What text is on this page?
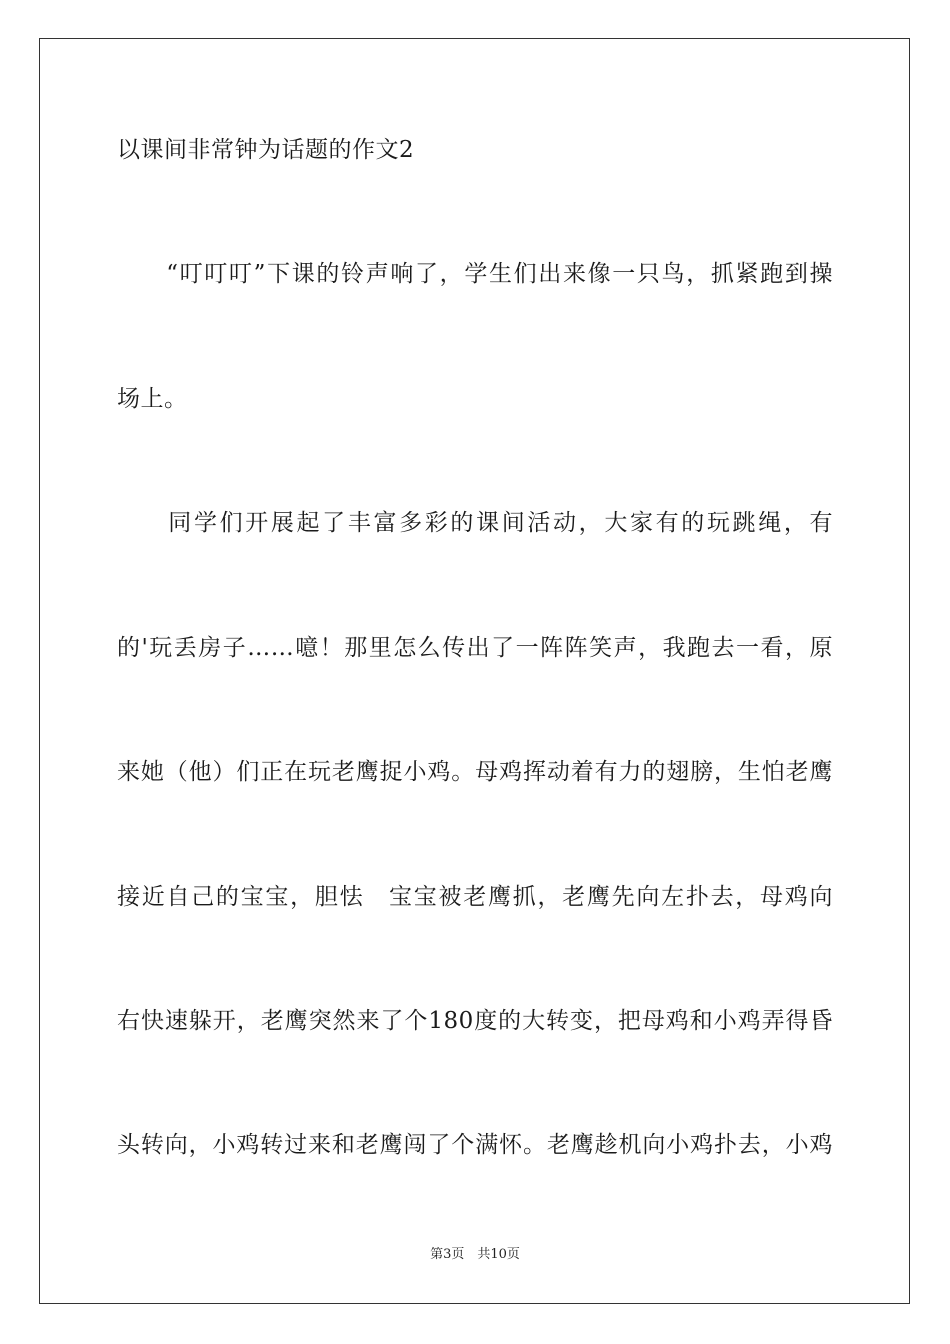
以课间非常钟为话题的作文2
　　“叮叮叮”下课的铃声响了，学生们出来像一只鸟，抓紧跑到操
场上。
　　同学们开展起了丰富多彩的课间活动，大家有的玩跳绳，有
的'玩丢房子……噫！那里怎么传出了一阵阵笑声，我跑去一看，原
来她（他）们正在玩老鹰捉小鸡。母鸡挥动着有力的翅膀，生怕老鹰
接近自己的宝宝，胆怯　宝宝被老鹰抓，老鹰先向左扑去，母鸡向
右快速躲开，老鹰突然来了个180度的大转变，把母鸡和小鸡弄得昏
头转向，小鸡转过来和老鹰闯了个满怀。老鹰趁机向小鸡扑去，小鸡
第3页　共10页
